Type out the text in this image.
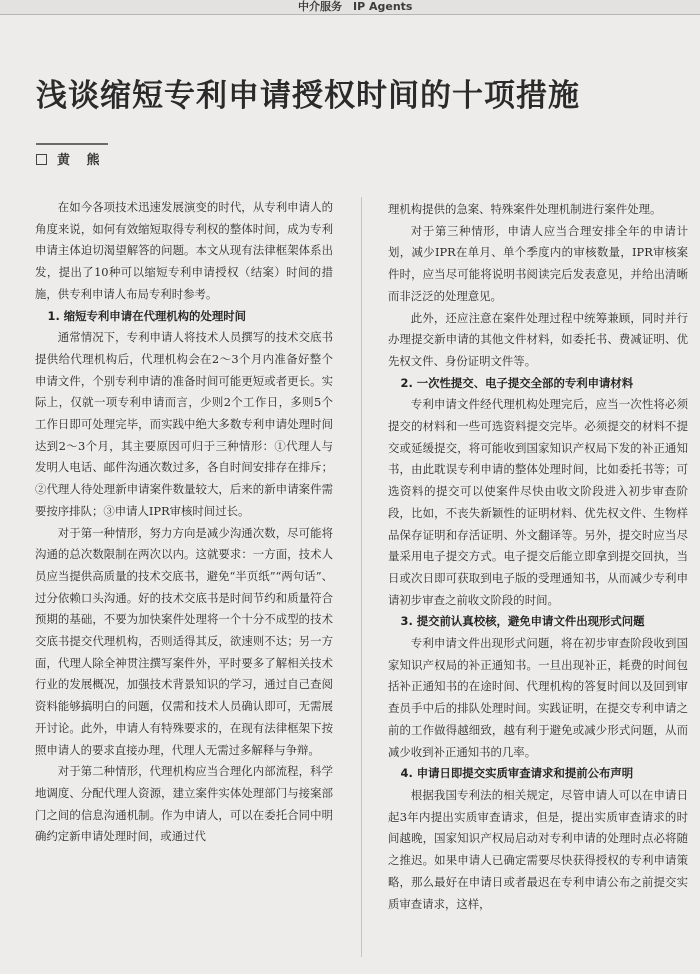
中介服务　IP Agents
浅谈缩短专利申请授权时间的十项措施
黄 熊

在如今各项技术迅速发展演变的时代，从专利申请人的角度来说，如何有效缩短取得专利权的整体时间，成为专利申请主体迫切渴望解答的问题。本文从现有法律框架体系出发，提出了10种可以缩短专利申请授权（结案）时间的措施，供专利申请人布局专利时参考。

1. 缩短专利申请在代理机构的处理时间

通常情况下，专利申请人将技术人员撰写的技术交底书提供给代理机构后，代理机构会在2～3个月内准备好整个申请文件，个别专利申请的准备时间可能更短或者更长。实际上，仅就一项专利申请而言，少则2个工作日，多则5个工作日即可处理完毕，而实践中绝大多数专利申请处理时间达到2～3个月，其主要原因可归于三种情形：①代理人与发明人电话、邮件沟通次数过多，各自时间安排存在排斥；②代理人待处理新申请案件数量较大，后来的新申请案件需要按序排队；③申请人IPR审核时间过长。

对于第一种情形，努力方向是减少沟通次数，尽可能将沟通的总次数限制在两次以内。这就要求：一方面，技术人员应当提供高质量的技术交底书，避免“半页纸”“两句话”、过分依赖口头沟通。好的技术交底书是时间节约和质量符合预期的基础，不要为加快案件处理将一个十分不成型的技术交底书提交代理机构，否则适得其反，欲速则不达；另一方面，代理人除全神贯注撰写案件外，平时要多了解相关技术行业的发展概况，加强技术背景知识的学习，通过自己查阅资料能够搞明白的问题，仅需和技术人员确认即可，无需展开讨论。此外，申请人有特殊要求的，在现有法律框架下按照申请人的要求直接办理，代理人无需过多解释与争辩。

对于第二种情形，代理机构应当合理化内部流程，科学地调度、分配代理人资源，建立案件实体处理部门与接案部门之间的信息沟通机制。作为申请人，可以在委托合同中明确约定新申请处理时间，或通过代

理机构提供的急案、特殊案件处理机制进行案件处理。

对于第三种情形，申请人应当合理安排全年的申请计划，减少IPR在单月、单个季度内的审核数量，IPR审核案件时，应当尽可能将说明书阅读完后发表意见，并给出清晰而非泛泛的处理意见。

此外，还应注意在案件处理过程中统筹兼顾，同时并行办理提交新申请的其他文件材料，如委托书、费减证明、优先权文件、身份证明文件等。

2. 一次性提交、电子提交全部的专利申请材料

专利申请文件经代理机构处理完后，应当一次性将必须提交的材料和一些可选资料提交完毕。必须提交的材料不提交或延缓提交，将可能收到国家知识产权局下发的补正通知书，由此耽误专利申请的整体处理时间，比如委托书等；可选资料的提交可以使案件尽快由收文阶段进入初步审查阶段，比如，不丧失新颖性的证明材料、优先权文件、生物样品保存证明和存活证明、外文翻译等。另外，提交时应当尽量采用电子提交方式。电子提交后能立即拿到提交回执，当日或次日即可获取到电子版的受理通知书，从而减少专利申请初步审查之前收文阶段的时间。

3. 提交前认真校核，避免申请文件出现形式问题

专利申请文件出现形式问题，将在初步审查阶段收到国家知识产权局的补正通知书。一旦出现补正，耗费的时间包括补正通知书的在途时间、代理机构的答复时间以及回到审查员手中后的排队处理时间。实践证明，在提交专利申请之前的工作做得越细致，越有利于避免或减少形式问题，从而减少收到补正通知书的几率。

4. 申请日即提交实质审查请求和提前公布声明

根据我国专利法的相关规定，尽管申请人可以在申请日起3年内提出实质审查请求，但是，提出实质审查请求的时间越晚，国家知识产权局启动对专利申请的处理时点必将随之推迟。如果申请人已确定需要尽快获得授权的专利申请策略，那么最好在申请日或者最迟在专利申请公布之前提交实质审查请求，这样，
